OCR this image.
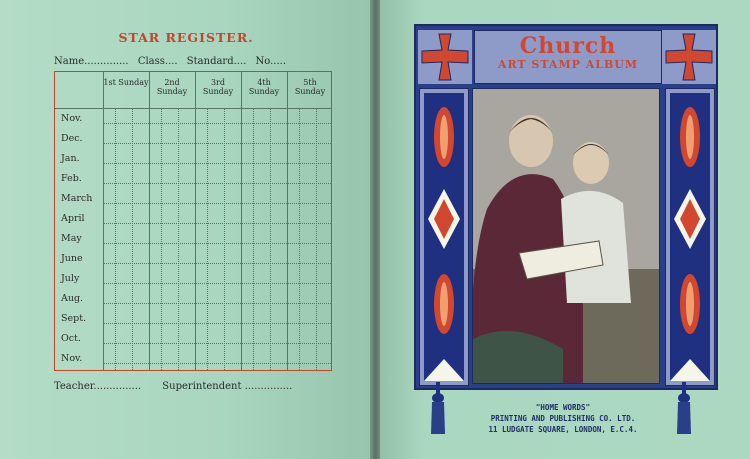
STAR REGISTER.
Name.............. Class.... Standard.... No.....
1st Sunday	2nd Sunday
3rd Sunday
4th Sunday
5th Sunday
Nov.
Dec.
Jan.
Feb.
March
April
May
June
July
Aug.
Sept.
Oct.
Nov.
Teacher............... Superintendent ...............
Church
ART STAMP ALBUM
"HOME WORDS"
PRINTING AND PUBLISHING CO. LTD.
11 LUDGATE SQUARE, LONDON, E.C.4.
